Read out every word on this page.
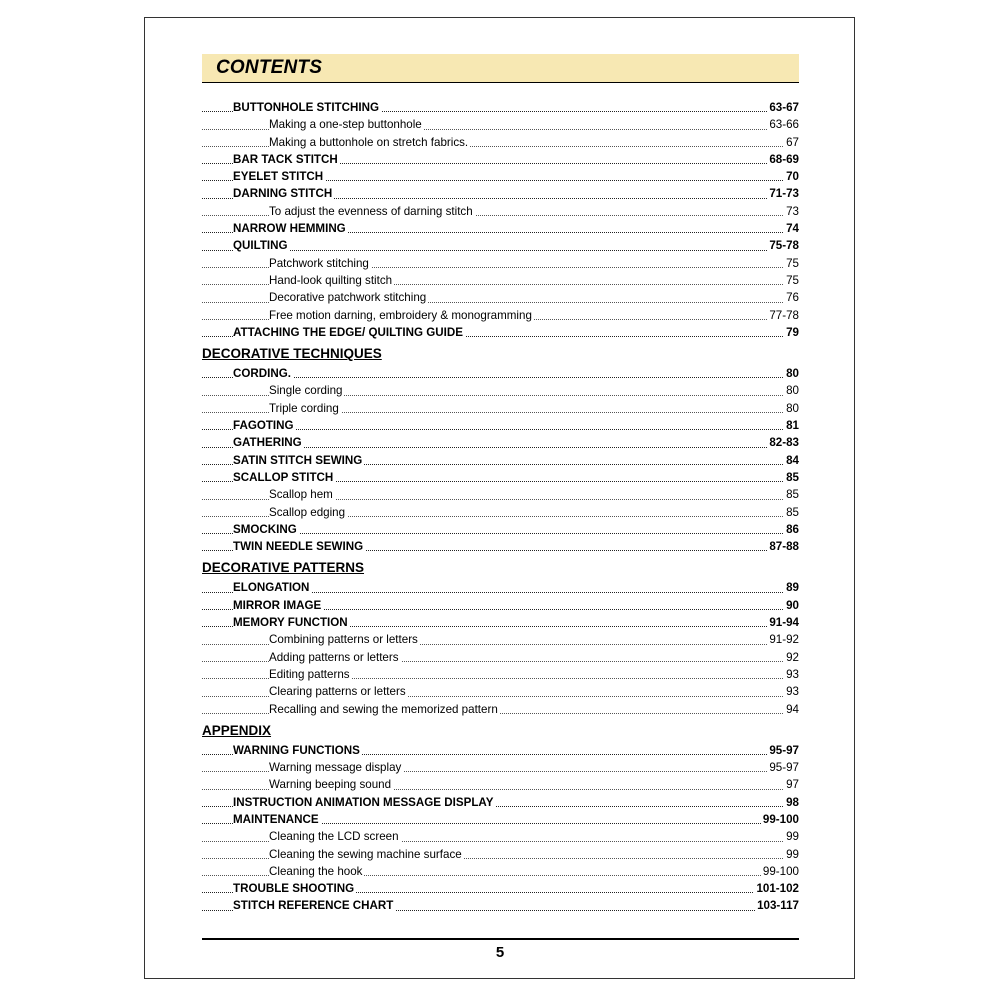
CONTENTS
BUTTONHOLE STITCHING	63-67
Making a one-step buttonhole	63-66
Making a buttonhole on stretch fabrics.	67
BAR TACK STITCH	68-69
EYELET STITCH	70
DARNING STITCH	71-73
To adjust the evenness of darning stitch	73
NARROW HEMMING	74
QUILTING	75-78
Patchwork stitching	75
Hand-look quilting stitch	75
Decorative patchwork stitching	76
Free motion darning, embroidery & monogramming	77-78
ATTACHING THE EDGE/ QUILTING GUIDE	79
DECORATIVE TECHNIQUES
CORDING.	80
Single cording	80
Triple cording	80
FAGOTING	81
GATHERING	82-83
SATIN STITCH SEWING	84
SCALLOP STITCH	85
Scallop hem	85
Scallop edging	85
SMOCKING	86
TWIN NEEDLE SEWING	87-88
DECORATIVE PATTERNS
ELONGATION	89
MIRROR IMAGE	90
MEMORY FUNCTION	91-94
Combining patterns or letters	91-92
Adding patterns or letters	92
Editing patterns	93
Clearing patterns or letters	93
Recalling and sewing the memorized pattern	94
APPENDIX
WARNING FUNCTIONS	95-97
Warning message display	95-97
Warning beeping sound	97
INSTRUCTION ANIMATION MESSAGE DISPLAY	98
MAINTENANCE	99-100
Cleaning the LCD screen	99
Cleaning the sewing machine surface	99
Cleaning the hook	99-100
TROUBLE SHOOTING	101-102
STITCH REFERENCE CHART	103-117
5
